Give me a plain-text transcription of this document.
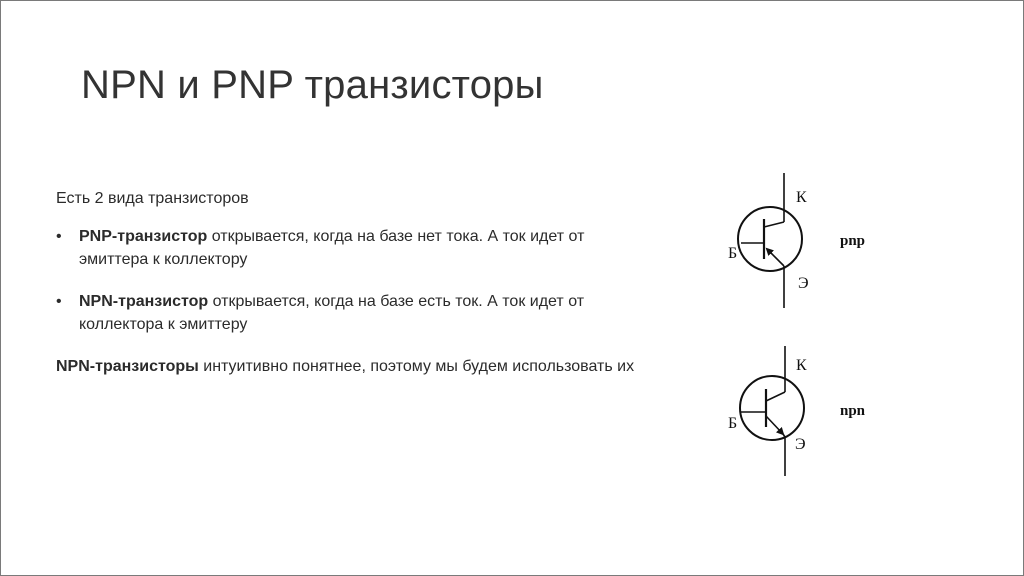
NPN и PNP транзисторы

Есть 2 вида транзисторов

• PNP-транзистор открывается, когда на базе нет тока. А ток идет от эмиттера к коллектору
• NPN-транзистор открывается, когда на базе есть ток. А ток идет от коллектора к эмиттеру

NPN-транзисторы интуитивно понятнее, поэтому мы будем использовать их

К
Б
Э
pnp
К
Б
Э
npn
